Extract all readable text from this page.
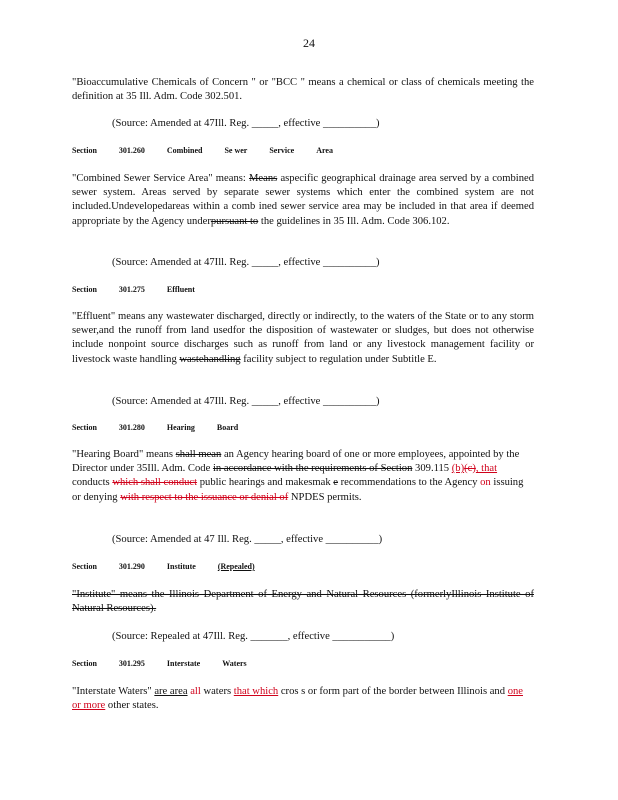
24
"Bioaccumulative Chemicals of Concern " or "BCC " means a chemical or class of chemicals meeting the definition at 35 Ill. Adm. Code 302.501.
(Source: Amended at 47Ill. Reg. _____, effective __________)
Section	301.260	Combined	Se wer	Service	Area
"Combined Sewer Service Area" means: Means aspecific geographical drainage area served by a combined sewer system. Areas served by separate sewer systems which enter the combined system are not included.Undevelopedareas within a comb ined sewer service area may be included in that area if deemed appropriate by the Agency underpursuant to the guidelines in 35 Ill. Adm. Code 306.102.
(Source: Amended at 47Ill. Reg. _____, effective __________)
Section	301.275	Effluent
"Effluent" means any wastewater discharged, directly or indirectly, to the waters of the State or to any storm sewer,and the runoff from land usedfor the disposition of wastewater or sludges, but does not otherwise include nonpoint source discharges such as runoff from land or any livestock management facility or livestock waste handling wastehandling facility subject to regulation under Subtitle E.
(Source: Amended at 47Ill. Reg. _____, effective __________)
Section	301.280	Hearing	Board
"Hearing Board" means shall mean an Agency hearing board of one or more employees, appointed by the Director under 35Ill. Adm. Code in accordance with the requirements of Section 309.115 (b)(c), that conducts which shall conduct public hearings and makesmak e recommendations to the Agency on issuing or denying with respect to the issuance or denial of NPDES permits.
(Source: Amended at 47 Ill. Reg. _____, effective __________)
Section	301.290	Institute	(Repealed)
"Institute" means the Illinois Department of Energy and Natural Resources (formerlyIllinois Institute of Natural Resources).
(Source: Repealed at 47Ill. Reg. _______, effective ___________)
Section	301.295	Interstate	Waters
"Interstate Waters" are area all waters that which cros s or form part of the border between Illinois and one or more other states.
